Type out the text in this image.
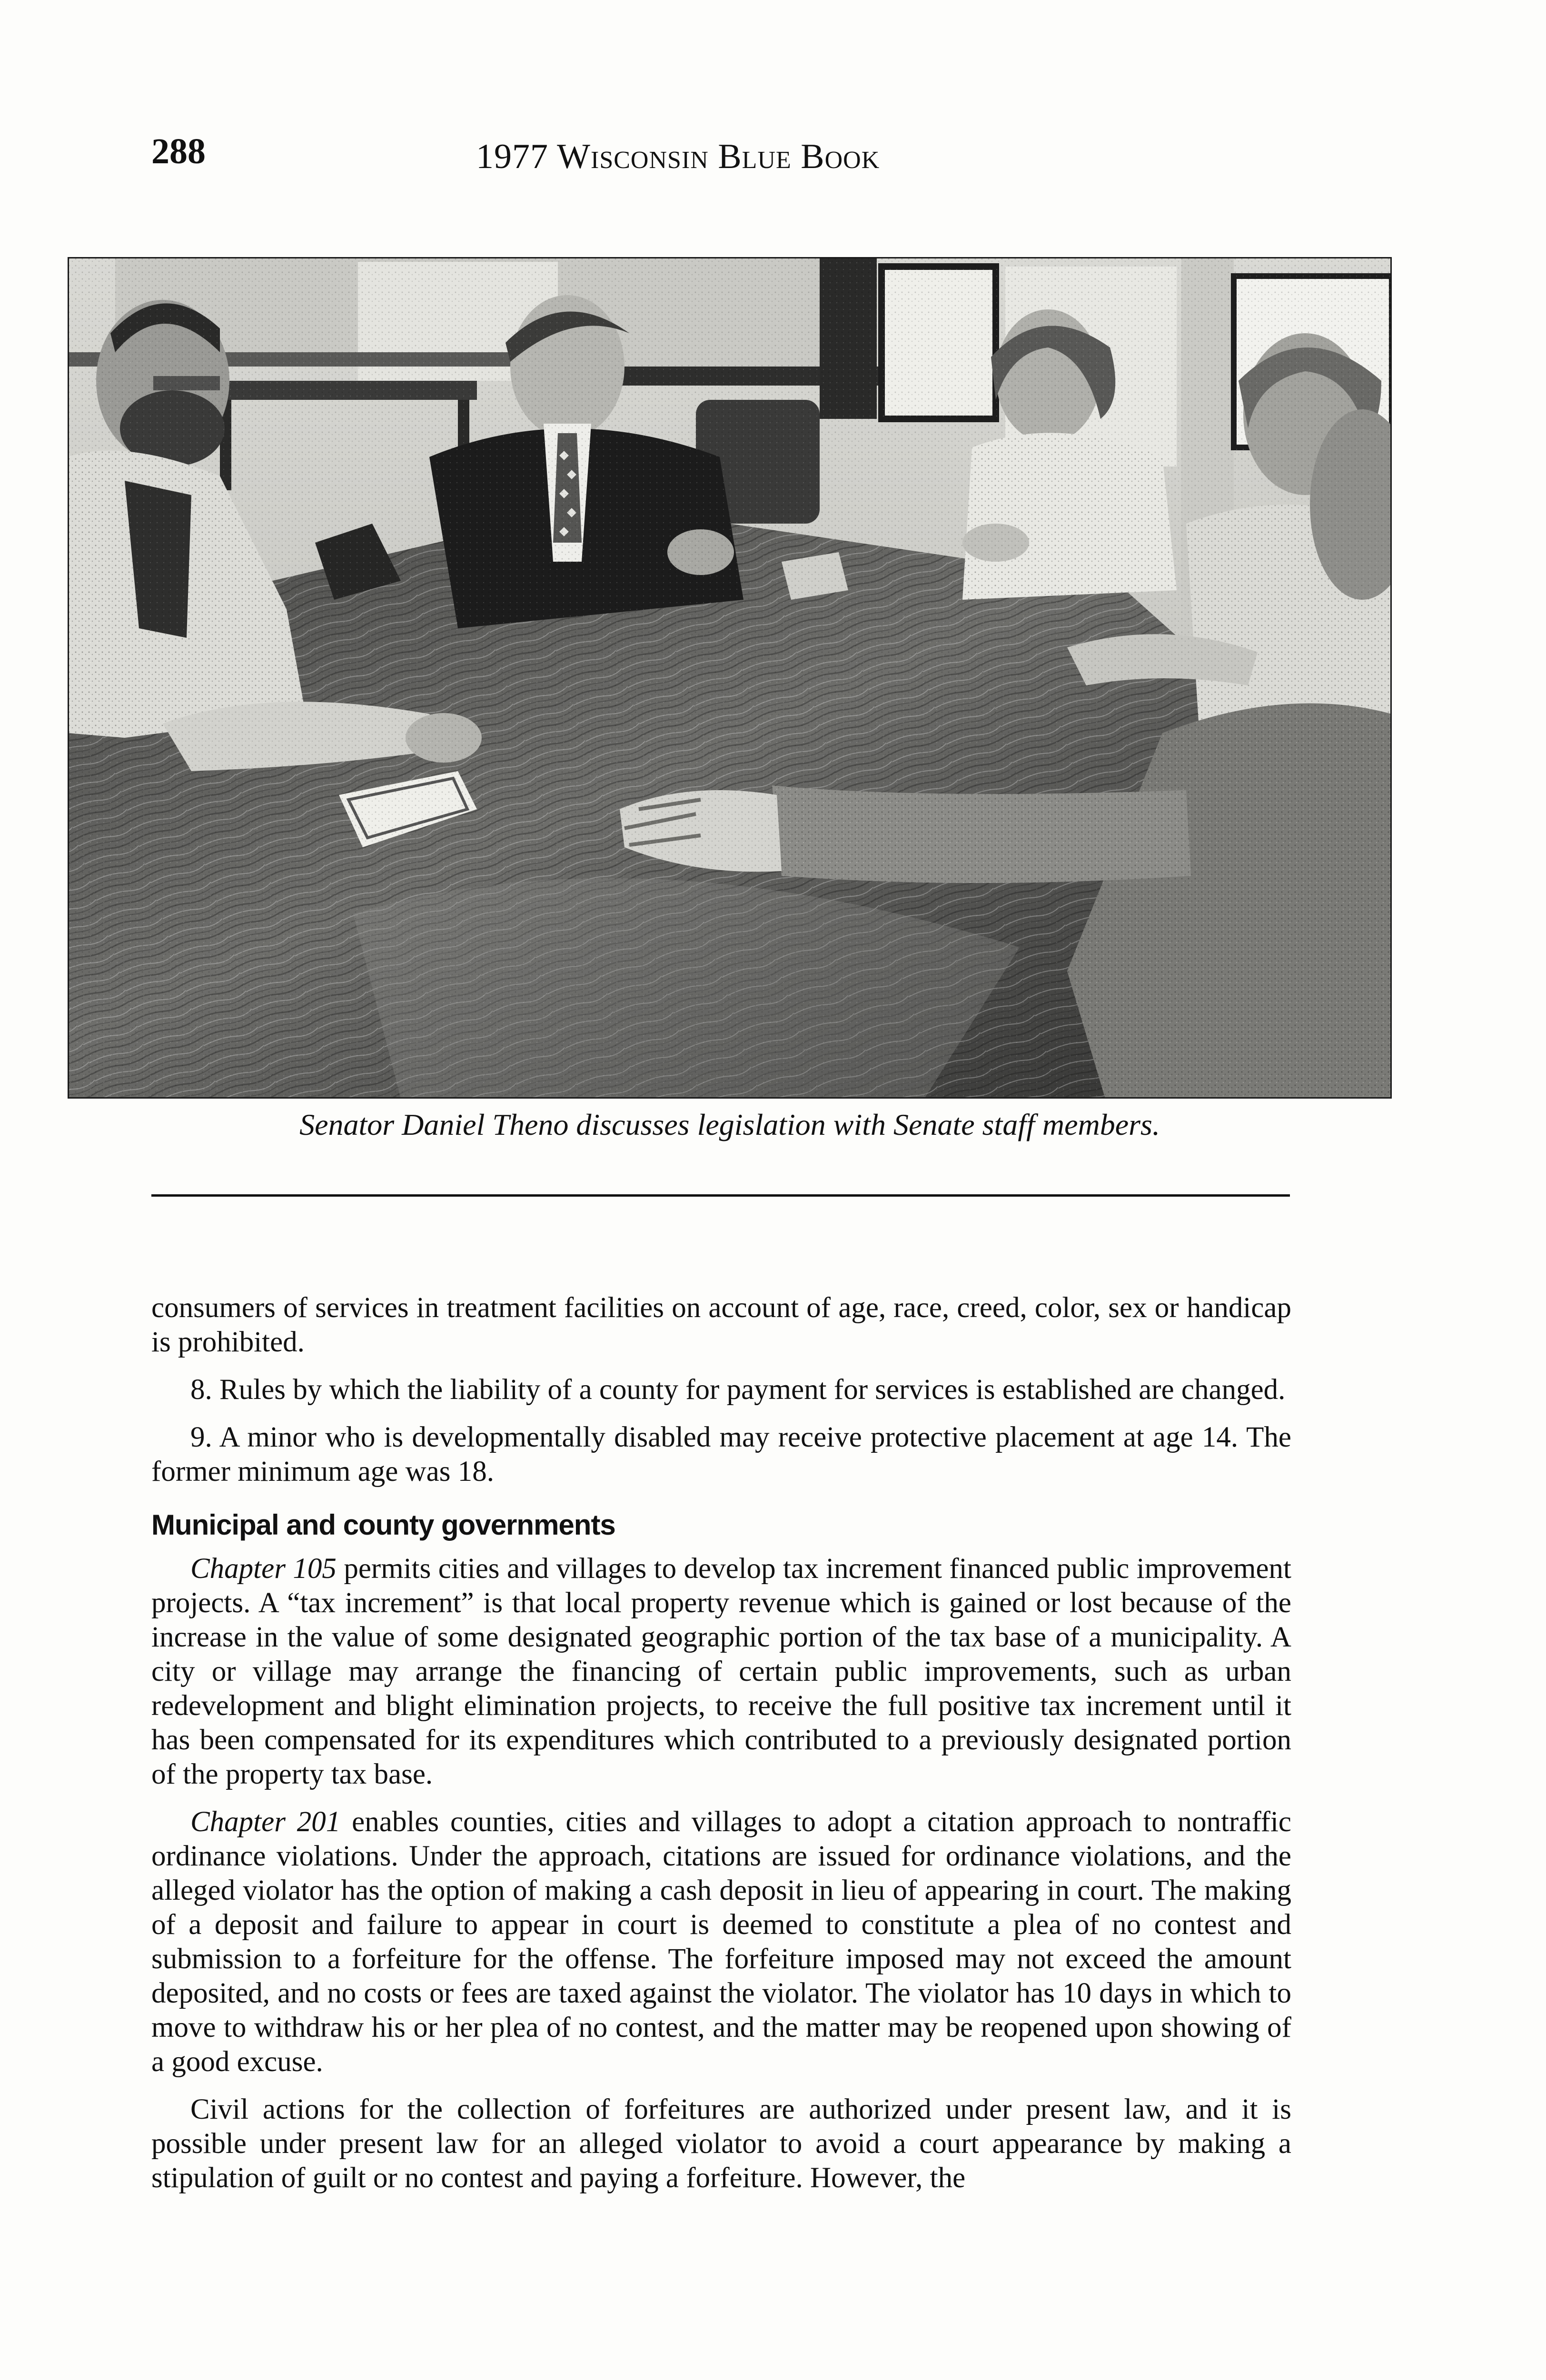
288	1977 Wisconsin Blue Book
Senator Daniel Theno discusses legislation with Senate staff members.

consumers of services in treatment facilities on account of age, race, creed, color, sex or handicap is prohibited.

8. Rules by which the liability of a county for payment for services is established are changed.

9. A minor who is developmentally disabled may receive protective placement at age 14. The former minimum age was 18.

Municipal and county governments

Chapter 105 permits cities and villages to develop tax increment financed public improvement projects. A “tax increment” is that local property revenue which is gained or lost because of the increase in the value of some designated geographic portion of the tax base of a municipality. A city or village may arrange the financing of certain public improvements, such as urban redevelopment and blight elimination projects, to receive the full positive tax increment until it has been compensated for its expenditures which contributed to a previously designated portion of the property tax base.

Chapter 201 enables counties, cities and villages to adopt a citation approach to nontraffic ordinance violations. Under the approach, citations are issued for ordinance violations, and the alleged violator has the option of making a cash deposit in lieu of appearing in court. The making of a deposit and failure to appear in court is deemed to constitute a plea of no contest and submission to a forfeiture for the offense. The forfeiture imposed may not exceed the amount deposited, and no costs or fees are taxed against the violator. The violator has 10 days in which to move to withdraw his or her plea of no contest, and the matter may be reopened upon showing of a good excuse.

Civil actions for the collection of forfeitures are authorized under present law, and it is possible under present law for an alleged violator to avoid a court appearance by making a stipulation of guilt or no contest and paying a forfeiture. However, the
